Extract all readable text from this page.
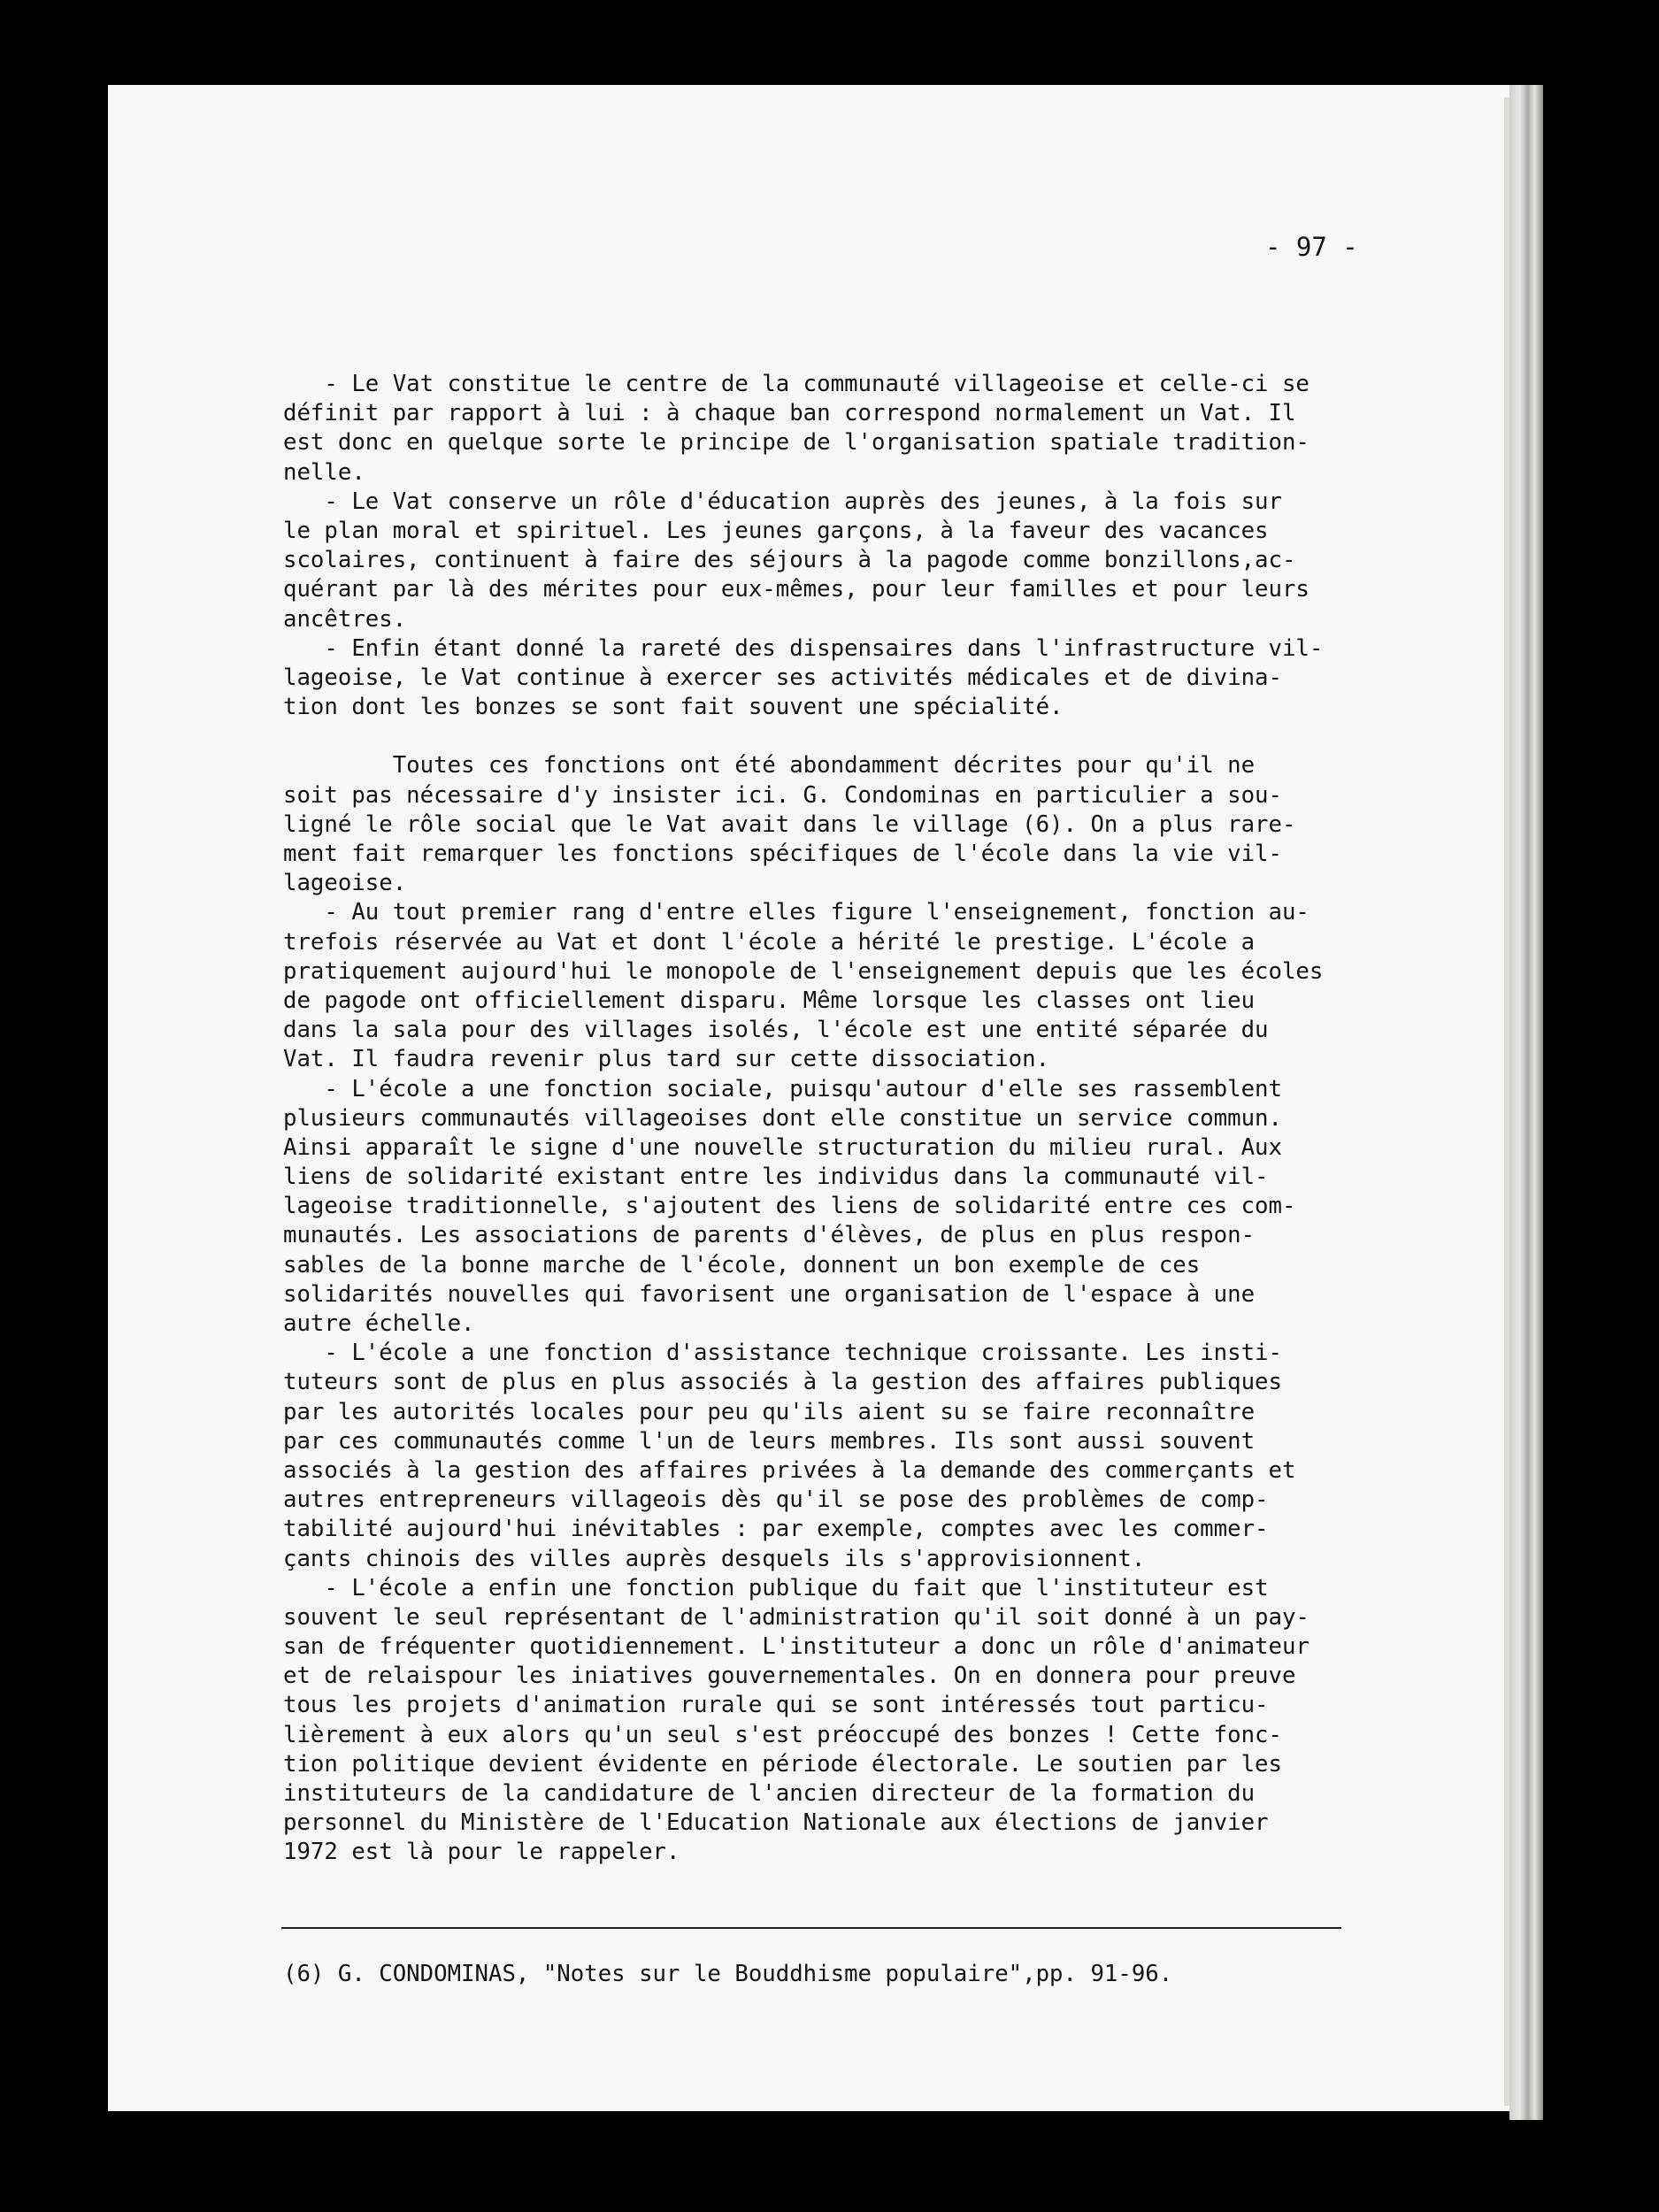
- 97 -
- Le Vat constitue le centre de la communauté villageoise et celle-ci se
définit par rapport à lui : à chaque ban correspond normalement un Vat. Il
est donc en quelque sorte le principe de l'organisation spatiale tradition-
nelle.
- Le Vat conserve un rôle d'éducation auprès des jeunes, à la fois sur
le plan moral et spirituel. Les jeunes garçons, à la faveur des vacances
scolaires, continuent à faire des séjours à la pagode comme bonzillons,ac-
quérant par là des mérites pour eux-mêmes, pour leur familles et pour leurs
ancêtres.
- Enfin étant donné la rareté des dispensaires dans l'infrastructure vil-
lageoise, le Vat continue à exercer ses activités médicales et de divina-
tion dont les bonzes se sont fait souvent une spécialité.
Toutes ces fonctions ont été abondamment décrites pour qu'il ne
soit pas nécessaire d'y insister ici. G. Condominas en particulier a sou-
ligné le rôle social que le Vat avait dans le village (6). On a plus rare-
ment fait remarquer les fonctions spécifiques de l'école dans la vie vil-
lageoise.
- Au tout premier rang d'entre elles figure l'enseignement, fonction au-
trefois réservée au Vat et dont l'école a hérité le prestige. L'école a
pratiquement aujourd'hui le monopole de l'enseignement depuis que les écoles
de pagode ont officiellement disparu. Même lorsque les classes ont lieu
dans la sala pour des villages isolés, l'école est une entité séparée du
Vat. Il faudra revenir plus tard sur cette dissociation.
- L'école a une fonction sociale, puisqu'autour d'elle ses rassemblent
plusieurs communautés villageoises dont elle constitue un service commun.
Ainsi apparaît le signe d'une nouvelle structuration du milieu rural. Aux
liens de solidarité existant entre les individus dans la communauté vil-
lageoise traditionnelle, s'ajoutent des liens de solidarité entre ces com-
munautés. Les associations de parents d'élèves, de plus en plus respon-
sables de la bonne marche de l'école, donnent un bon exemple de ces
solidarités nouvelles qui favorisent une organisation de l'espace à une
autre échelle.
- L'école a une fonction d'assistance technique croissante. Les insti-
tuteurs sont de plus en plus associés à la gestion des affaires publiques
par les autorités locales pour peu qu'ils aient su se faire reconnaître
par ces communautés comme l'un de leurs membres. Ils sont aussi souvent
associés à la gestion des affaires privées à la demande des commerçants et
autres entrepreneurs villageois dès qu'il se pose des problèmes de comp-
tabilité aujourd'hui inévitables : par exemple, comptes avec les commer-
çants chinois des villes auprès desquels ils s'approvisionnent.
- L'école a enfin une fonction publique du fait que l'instituteur est
souvent le seul représentant de l'administration qu'il soit donné à un pay-
san de fréquenter quotidiennement. L'instituteur a donc un rôle d'animateur
et de relaispour les iniatives gouvernementales. On en donnera pour preuve
tous les projets d'animation rurale qui se sont intéressés tout particu-
lièrement à eux alors qu'un seul s'est préoccupé des bonzes ! Cette fonc-
tion politique devient évidente en période électorale. Le soutien par les
instituteurs de la candidature de l'ancien directeur de la formation du
personnel du Ministère de l'Education Nationale aux élections de janvier
1972 est là pour le rappeler.
(6) G. CONDOMINAS, "Notes sur le Bouddhisme populaire",pp. 91-96.
